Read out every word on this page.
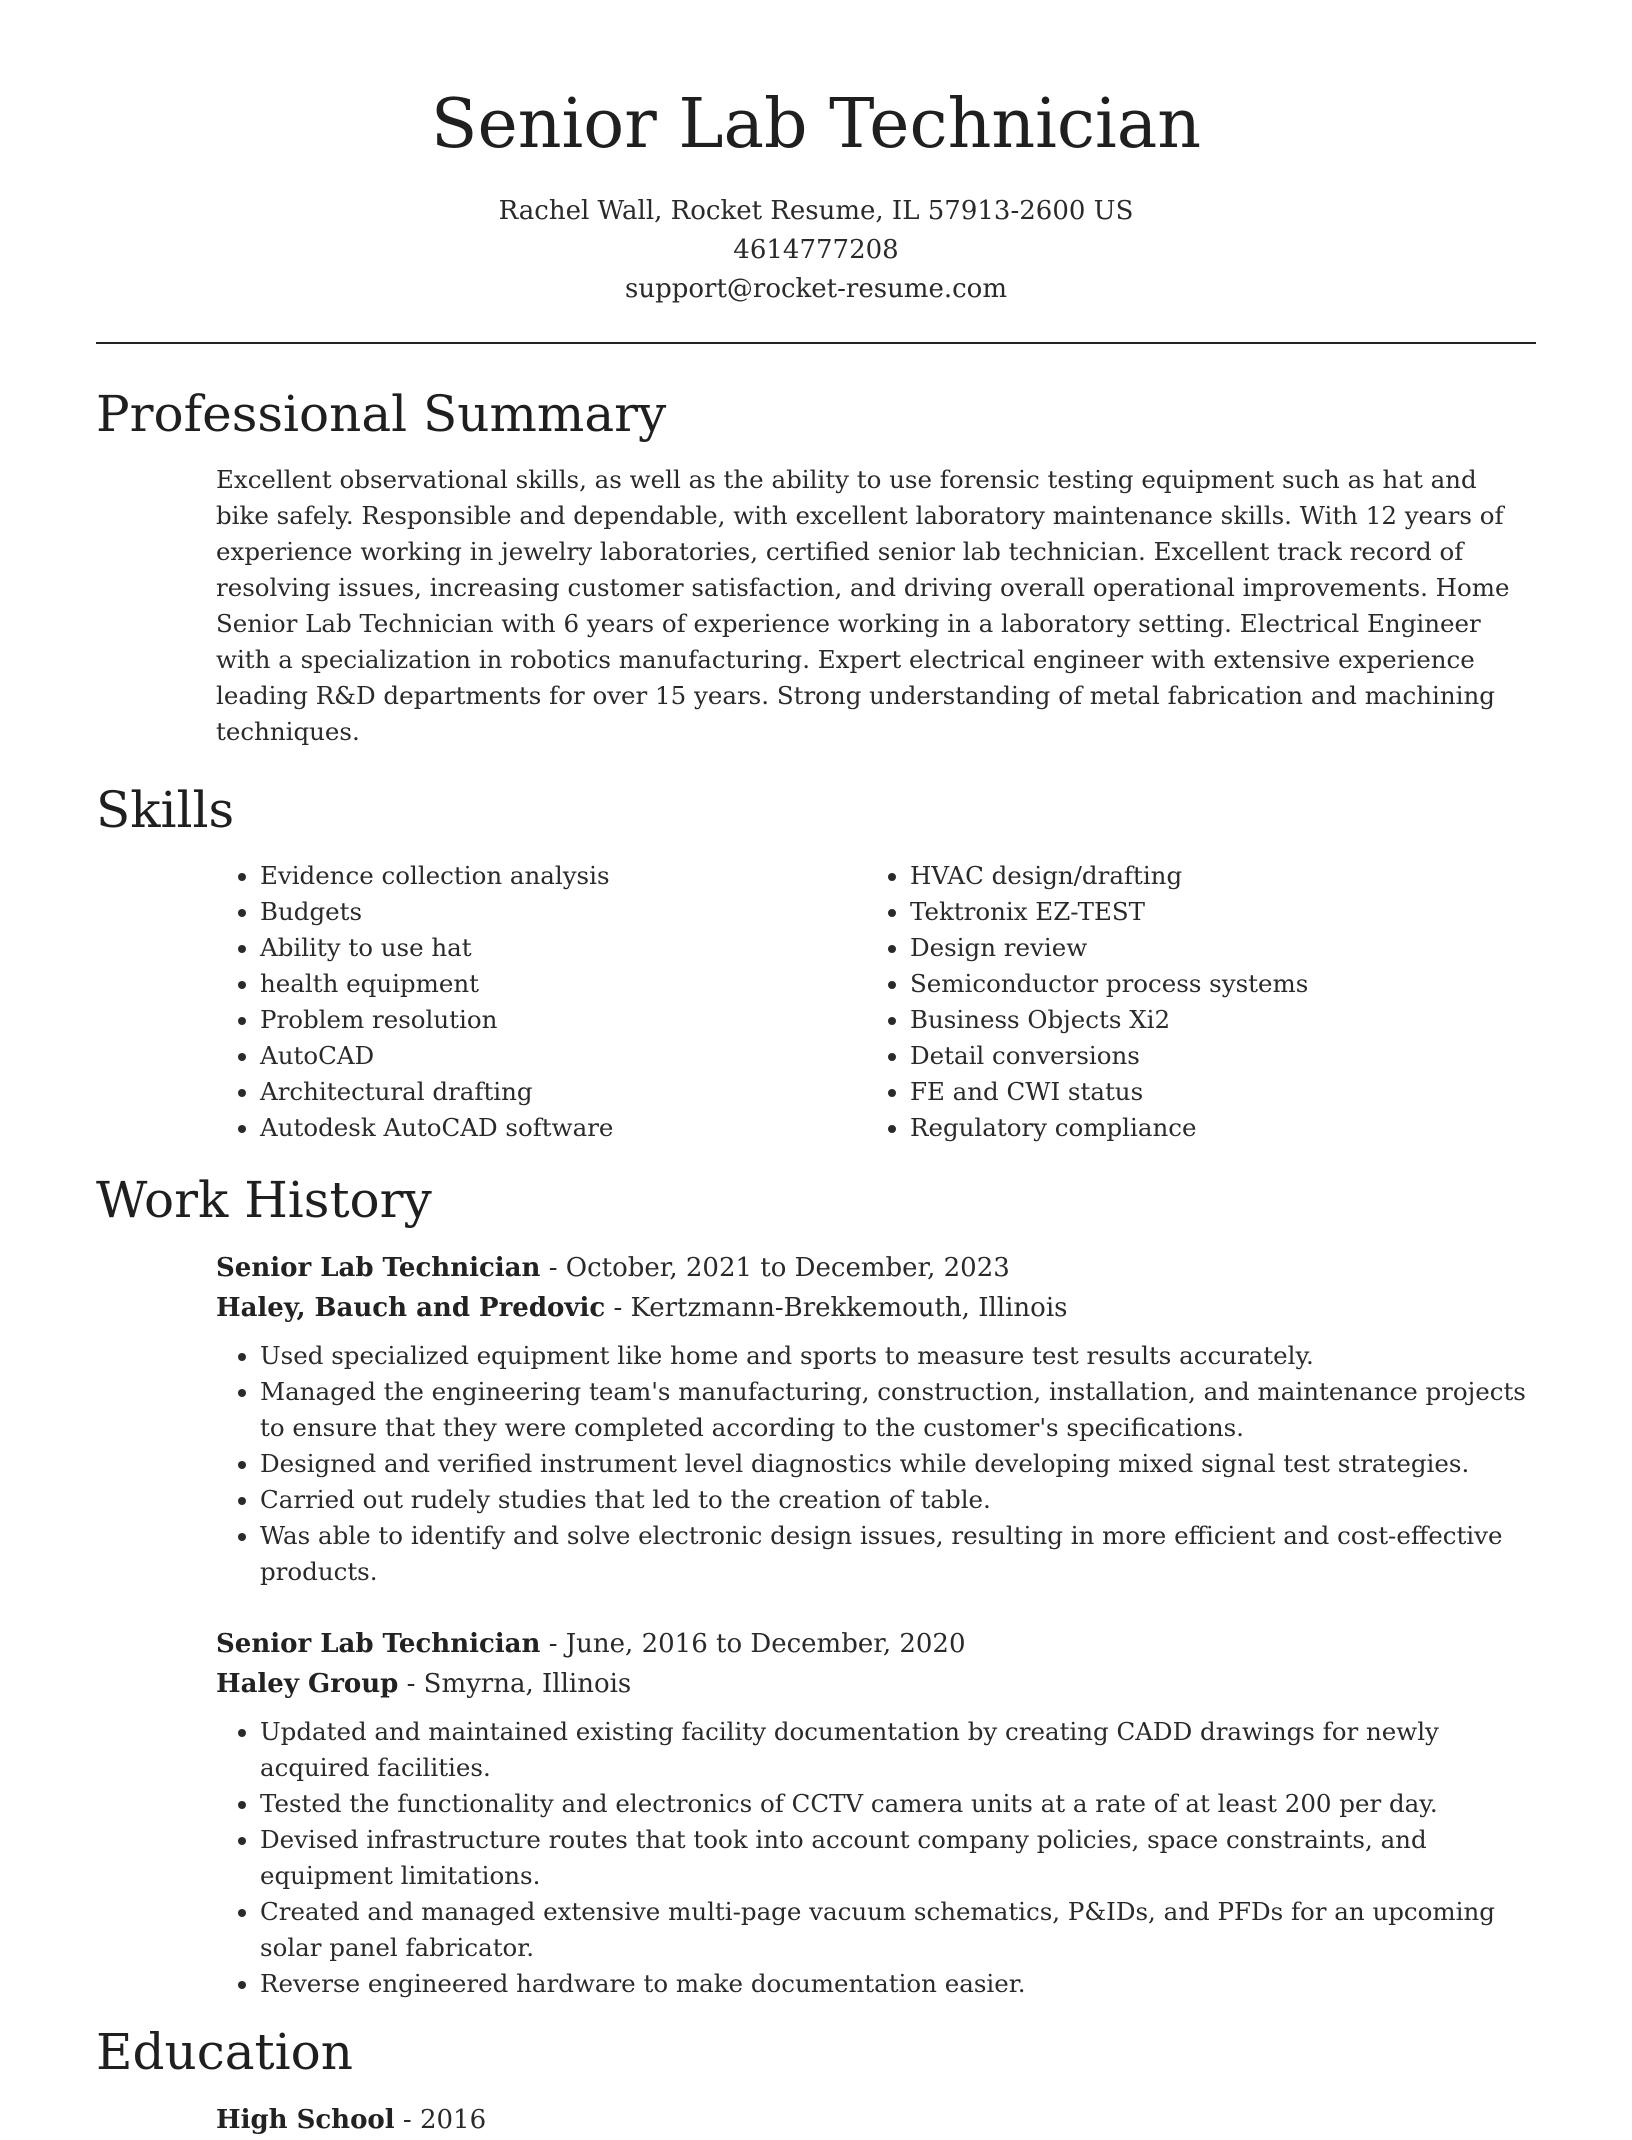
Senior Lab Technician
Rachel Wall, Rocket Resume, IL 57913-2600 US
4614777208
support@rocket-resume.com
Professional Summary

Excellent observational skills, as well as the ability to use forensic testing equipment such as hat and bike safely. Responsible and dependable, with excellent laboratory maintenance skills. With 12 years of experience working in jewelry laboratories, certified senior lab technician. Excellent track record of resolving issues, increasing customer satisfaction, and driving overall operational improvements. Home Senior Lab Technician with 6 years of experience working in a laboratory setting. Electrical Engineer with a specialization in robotics manufacturing. Expert electrical engineer with extensive experience leading R&D departments for over 15 years. Strong understanding of metal fabrication and machining techniques.

Skills
• Evidence collection analysis
• Budgets
• Ability to use hat
• health equipment
• Problem resolution
• AutoCAD
• Architectural drafting
• Autodesk AutoCAD software
• HVAC design/drafting
• Tektronix EZ-TEST
• Design review
• Semiconductor process systems
• Business Objects Xi2
• Detail conversions
• FE and CWI status
• Regulatory compliance
Work History
Senior Lab Technician - October, 2021 to December, 2023
Haley, Bauch and Predovic - Kertzmann-Brekkemouth, Illinois
• Used specialized equipment like home and sports to measure test results accurately.
• Managed the engineering team's manufacturing, construction, installation, and maintenance projects to ensure that they were completed according to the customer's specifications.
• Designed and verified instrument level diagnostics while developing mixed signal test strategies.
• Carried out rudely studies that led to the creation of table.
• Was able to identify and solve electronic design issues, resulting in more efficient and cost-effective products.
Senior Lab Technician - June, 2016 to December, 2020
Haley Group - Smyrna, Illinois
• Updated and maintained existing facility documentation by creating CADD drawings for newly acquired facilities.
• Tested the functionality and electronics of CCTV camera units at a rate of at least 200 per day.
• Devised infrastructure routes that took into account company policies, space constraints, and equipment limitations.
• Created and managed extensive multi-page vacuum schematics, P&IDs, and PFDs for an upcoming solar panel fabricator.
• Reverse engineered hardware to make documentation easier.
Education
High School - 2016
